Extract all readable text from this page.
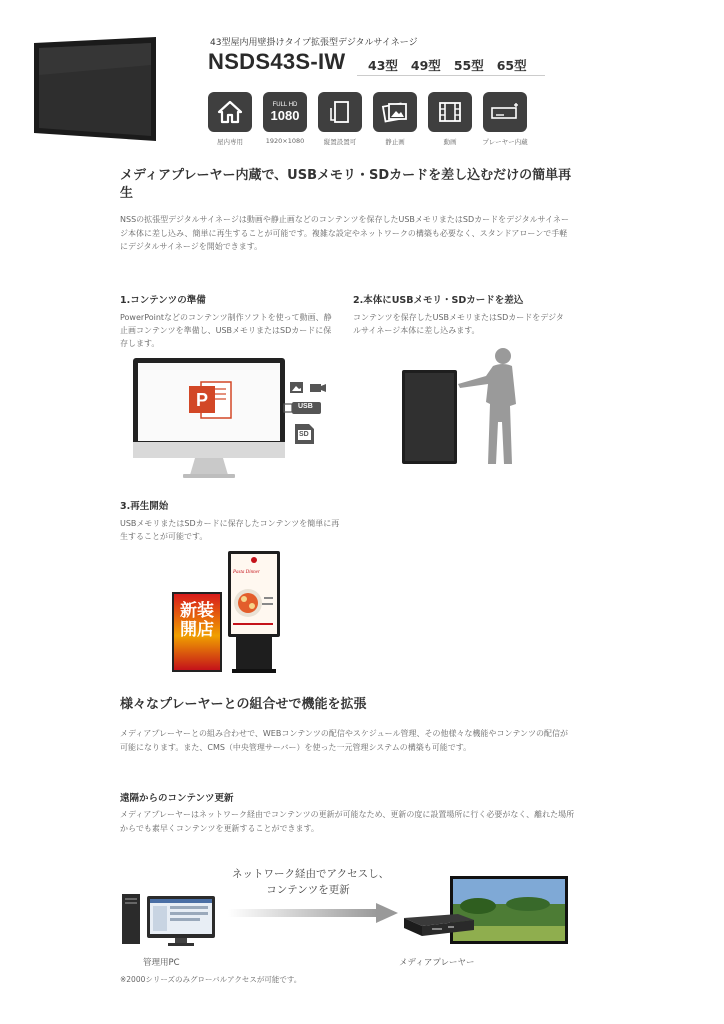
43型屋内用壁掛けタイプ拡張型デジタルサイネージ
NSDS43S-IW 43型 49型 55型 65型
FULL HD
1080
屋内専用	1920×1080	縦置設置可	静止画	動画	プレーヤー内蔵
メディアプレーヤー内蔵で、USBメモリ・SDカードを差し込むだけの簡単再生
NSSの拡張型デジタルサイネージは動画や静止画などのコンテンツを保存したUSBメモリまたはSDカードをデジタルサイネージ本体に差し込み、簡単に再生することが可能です。複雑な設定やネットワークの構築も必要なく、スタンドアローンで手軽にデジタルサイネージを開始できます。
1.コンテンツの準備
PowerPointなどのコンテンツ制作ソフトを使って動画、静止画コンテンツを準備し、USBメモリまたはSDカードに保存します。
2.本体にUSBメモリ・SDカードを差込
コンテンツを保存したUSBメモリまたはSDカードをデジタルサイネージ本体に差し込みます。
P	USB
SD
3.再生開始
USBメモリまたはSDカードに保存したコンテンツを簡単に再生することが可能です。
新装開店
Pasta Dinner
様々なプレーヤーとの組合せで機能を拡張
メディアプレーヤーとの組み合わせで、WEBコンテンツの配信やスケジュール管理、その他様々な機能やコンテンツの配信が可能になります。また、CMS（中央管理サーバー）を使った一元管理システムの構築も可能です。
遠隔からのコンテンツ更新
メディアプレーヤーはネットワーク経由でコンテンツの更新が可能なため、更新の度に設置場所に行く必要がなく、離れた場所からでも素早くコンテンツを更新することができます。
ネットワーク経由でアクセスし、
コンテンツを更新
管理用PC	メディアプレーヤー
※2000シリーズのみグローバルアクセスが可能です。
